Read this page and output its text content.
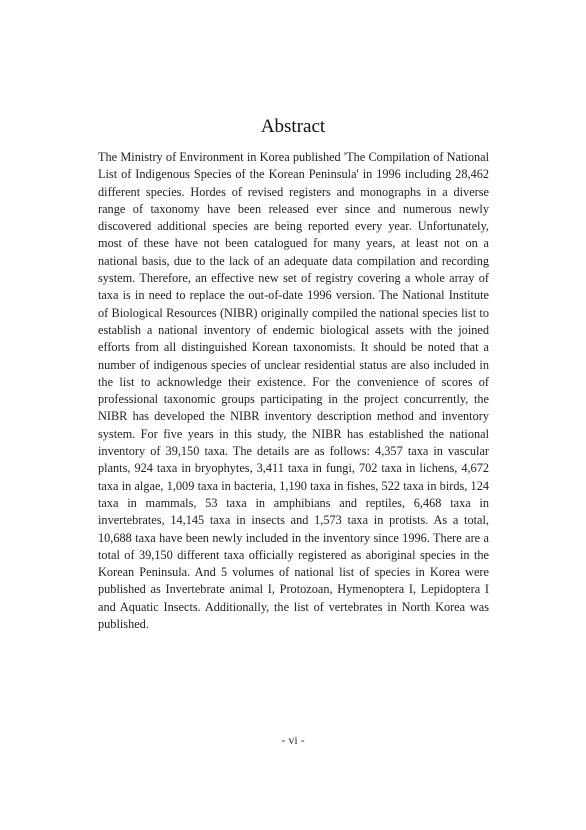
Abstract

The Ministry of Environment in Korea published 'The Compilation of National List of Indigenous Species of the Korean Peninsula' in 1996 including 28,462 different species. Hordes of revised registers and monographs in a diverse range of taxonomy have been released ever since and numerous newly discovered additional species are being reported every year. Unfortunately, most of these have not been catalogued for many years, at least not on a national basis, due to the lack of an adequate data compilation and recording system. Therefore, an effective new set of registry covering a whole array of taxa is in need to replace the out-of-date 1996 version. The National Institute of Biological Resources (NIBR) originally compiled the national species list to establish a national inventory of endemic biological assets with the joined efforts from all distinguished Korean taxonomists. It should be noted that a number of indigenous species of unclear residential status are also included in the list to acknowledge their existence. For the convenience of scores of professional taxonomic groups participating in the project concurrently, the NIBR has developed the NIBR inventory description method and inventory system. For five years in this study, the NIBR has established the national inventory of 39,150 taxa. The details are as follows: 4,357 taxa in vascular plants, 924 taxa in bryophytes, 3,411 taxa in fungi, 702 taxa in lichens, 4,672 taxa in algae, 1,009 taxa in bacteria, 1,190 taxa in fishes, 522 taxa in birds, 124 taxa in mammals, 53 taxa in amphibians and reptiles, 6,468 taxa in invertebrates, 14,145 taxa in insects and 1,573 taxa in protists. As a total, 10,688 taxa have been newly included in the inventory since 1996. There are a total of 39,150 different taxa officially registered as aboriginal species in the Korean Peninsula. And 5 volumes of national list of species in Korea were published as Invertebrate animal I, Protozoan, Hymenoptera I, Lepidoptera I and Aquatic Insects. Additionally, the list of vertebrates in North Korea was published.

- vi -
